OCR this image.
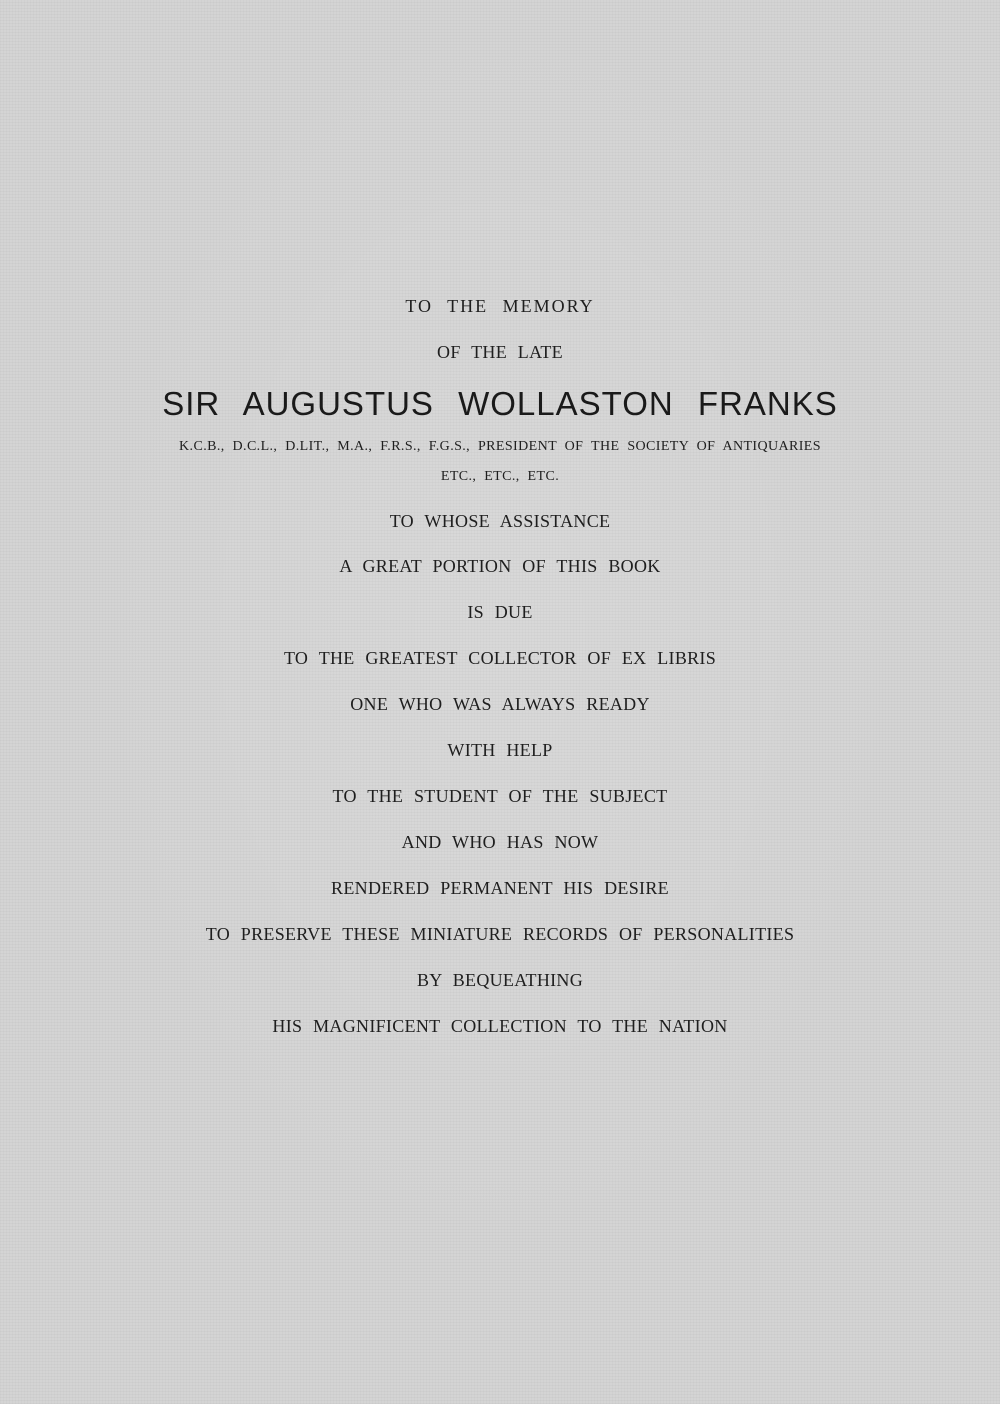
TO THE MEMORY
OF THE LATE
SIR AUGUSTUS WOLLASTON FRANKS
K.C.B., D.C.L., D.LIT., M.A., F.R.S., F.G.S., PRESIDENT OF THE SOCIETY OF ANTIQUARIES
ETC., ETC., ETC.
TO WHOSE ASSISTANCE
A GREAT PORTION OF THIS BOOK
IS DUE
TO THE GREATEST COLLECTOR OF EX LIBRIS
ONE WHO WAS ALWAYS READY
WITH HELP
TO THE STUDENT OF THE SUBJECT
AND WHO HAS NOW
RENDERED PERMANENT HIS DESIRE
TO PRESERVE THESE MINIATURE RECORDS OF PERSONALITIES
BY BEQUEATHING
HIS MAGNIFICENT COLLECTION TO THE NATION
